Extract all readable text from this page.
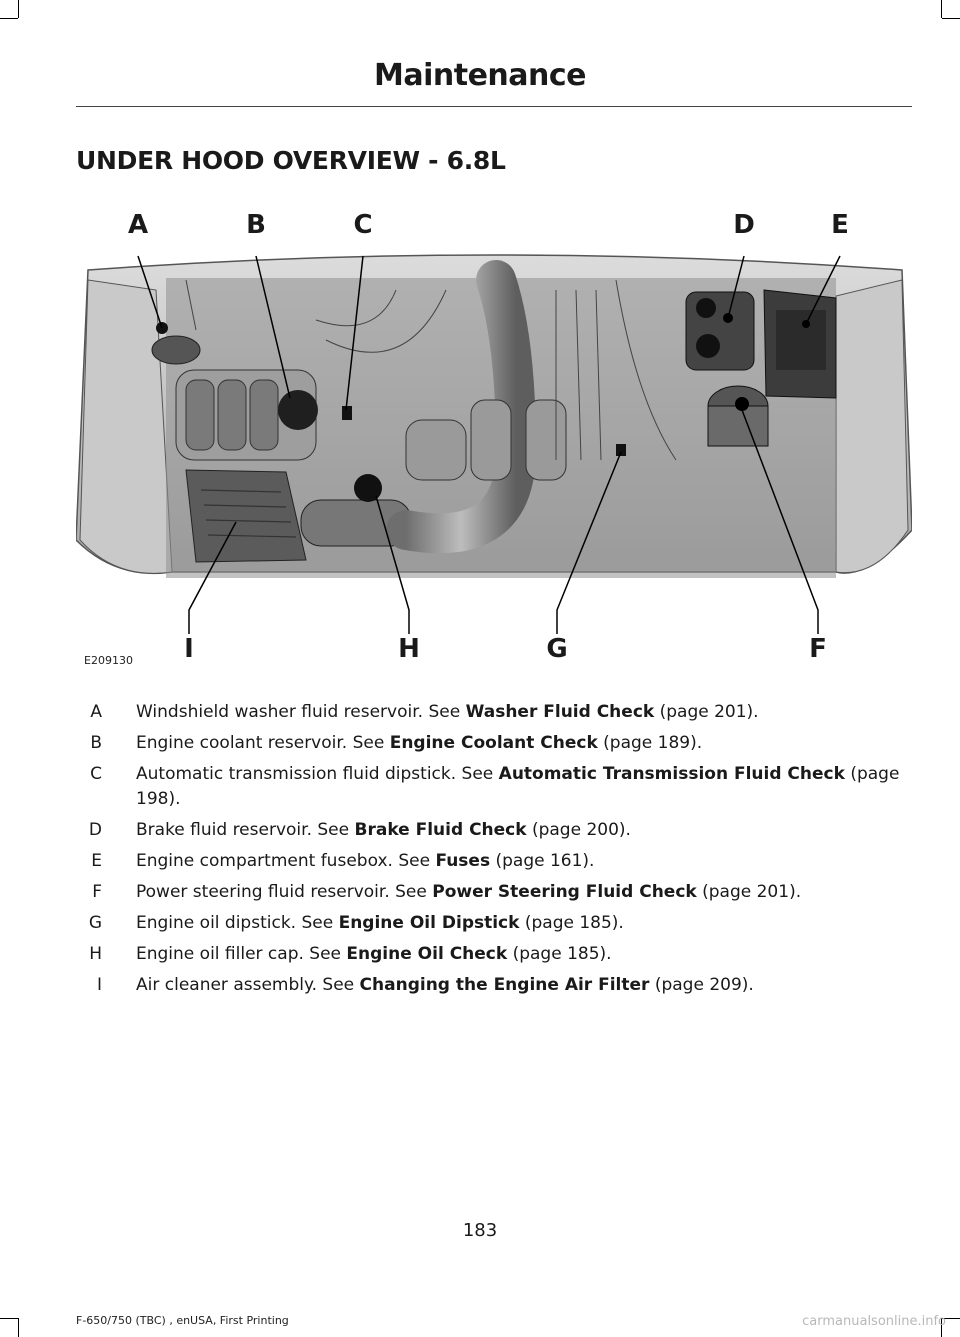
Maintenance
UNDER HOOD OVERVIEW - 6.8L
A	B	C	D	E
F
G
H
I
E209130
A	Windshield washer fluid reservoir. See Washer Fluid Check (page 201).
B	Engine coolant reservoir. See Engine Coolant Check (page 189).
C	Automatic transmission fluid dipstick. See Automatic Transmission Fluid Check (page 198).
D	Brake fluid reservoir. See Brake Fluid Check (page 200).
E	Engine compartment fusebox. See Fuses (page 161).
F	Power steering fluid reservoir. See Power Steering Fluid Check (page 201).
G	Engine oil dipstick. See Engine Oil Dipstick (page 185).
H	Engine oil filler cap. See Engine Oil Check (page 185).
I	Air cleaner assembly. See Changing the Engine Air Filter (page 209).
183
F-650/750 (TBC) , enUSA, First Printing	carmanualsonline.info
